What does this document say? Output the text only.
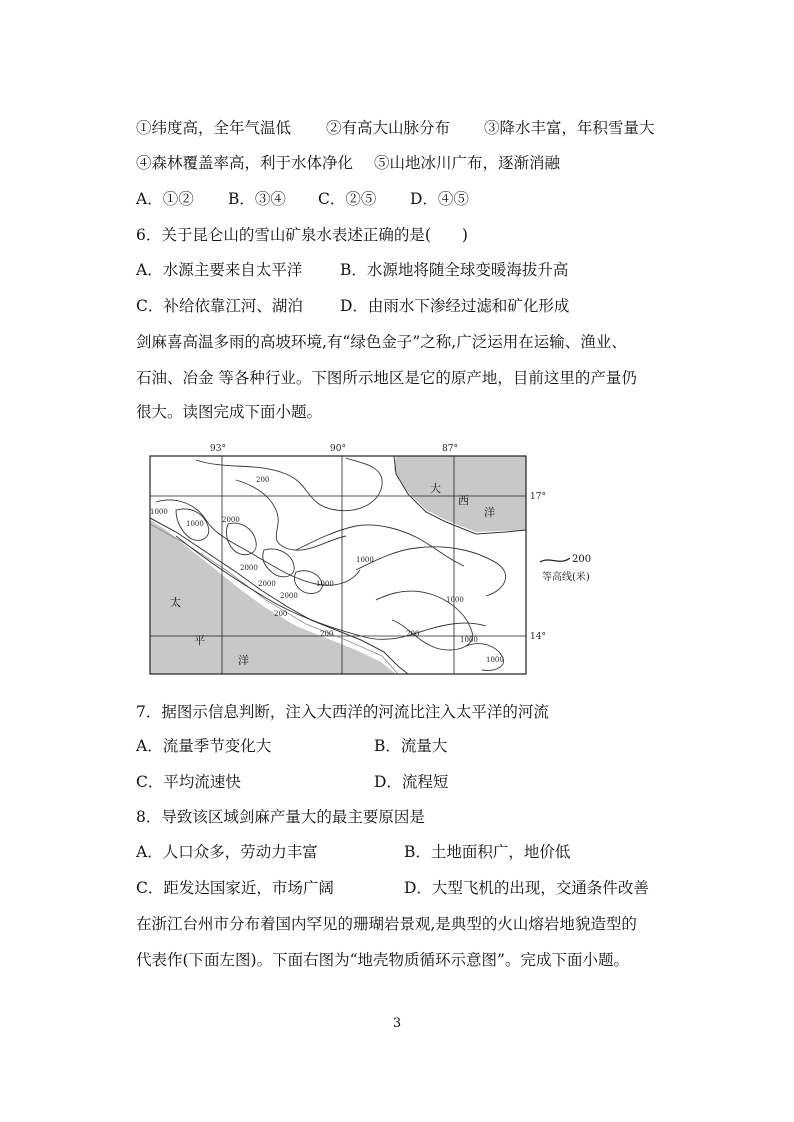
①纬度高，全年气温低 ②有高大山脉分布 ③降水丰富，年积雪量大
④森林覆盖率高，利于水体净化 ⑤山地冰川广布，逐渐消融
A．①② B．③④ C．②⑤ D．④⑤
6．关于昆仑山的雪山矿泉水表述正确的是(　　)
A．水源主要来自太平洋 B．水源地将随全球变暖海拔升高
C．补给依靠江河、湖泊 D．由雨水下渗经过滤和矿化形成
剑麻喜高温多雨的高坡环境,有“绿色金子”之称,广泛运用在运输、渔业、
石油、冶金 等各种行业。下图所示地区是它的原产地，目前这里的产量仍
很大。读图完成下面小题。
93°	90°	87°
17°
14°
大
西
洋
太
平
洋
200
1000
1000	2000
2000
2000
2000
1000
200
200
1000
1000
1000
1000
200
200
等高线(米)
7．据图示信息判断，注入大西洋的河流比注入太平洋的河流
A．流量季节变化大	B．流量大
C．平均流速快	D．流程短
8．导致该区域剑麻产量大的最主要原因是
A．人口众多，劳动力丰富	B．土地面积广，地价低
C．距发达国家近，市场广阔	D．大型飞机的出现，交通条件改善
在浙江台州市分布着国内罕见的珊瑚岩景观,是典型的火山熔岩地貌造型的
代表作(下面左图)。下面右图为“地壳物质循环示意图”。完成下面小题。
3
